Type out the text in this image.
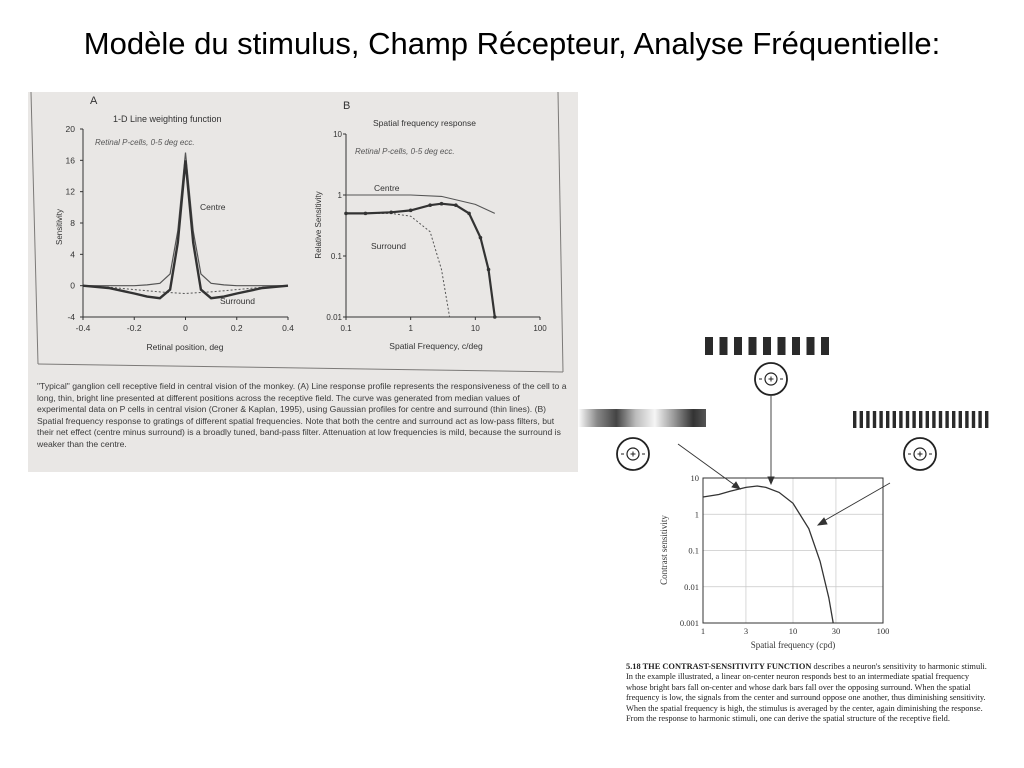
Modèle du stimulus, Champ Récepteur, Analyse Fréquentielle:
A
1-D Line weighting function
Retinal P-cells, 0-5 deg ecc.
20
16
12
8
4
0
-4
-0.4	-0.2	0	0.2	0.4
Sensitivity
Retinal position, deg
Centre
Surround
B
Spatial frequency response
Retinal P-cells, 0-5 deg ecc.
10
1
0.1
0.01
0.1	1	10	100
Relative Sensitivity
Spatial Frequency, c/deg
Centre
Surround
"Typical" ganglion cell receptive field in central vision of the monkey. (A) Line response profile represents the responsiveness of the cell to a long, thin, bright line presented at different positions across the receptive field. The curve was generated from median values of experimental data on P cells in central vision (Croner & Kaplan, 1995), using Gaussian profiles for centre and surround (thin lines). (B) Spatial frequency response to gratings of different spatial frequencies. Note that both the centre and surround act as low-pass filters, but their net effect (centre minus surround) is a broadly tuned, band-pass filter. Attenuation at low frequencies is mild, because the surround is weaker than the centre.
10
1
0.1
0.01
0.001
1	3	10	30	100
Contrast sensitivity
Spatial frequency (cpd)
5.18 THE CONTRAST-SENSITIVITY FUNCTION describes a neuron's sensitivity to harmonic stimuli. In the example illustrated, a linear on-center neuron responds best to an intermediate spatial frequency whose bright bars fall on-center and whose dark bars fall over the opposing surround. When the spatial frequency is low, the signals from the center and surround oppose one another, thus diminishing sensitivity. When the spatial frequency is high, the stimulus is averaged by the center, again diminishing the response. From the response to harmonic stimuli, one can derive the spatial structure of the receptive field.
